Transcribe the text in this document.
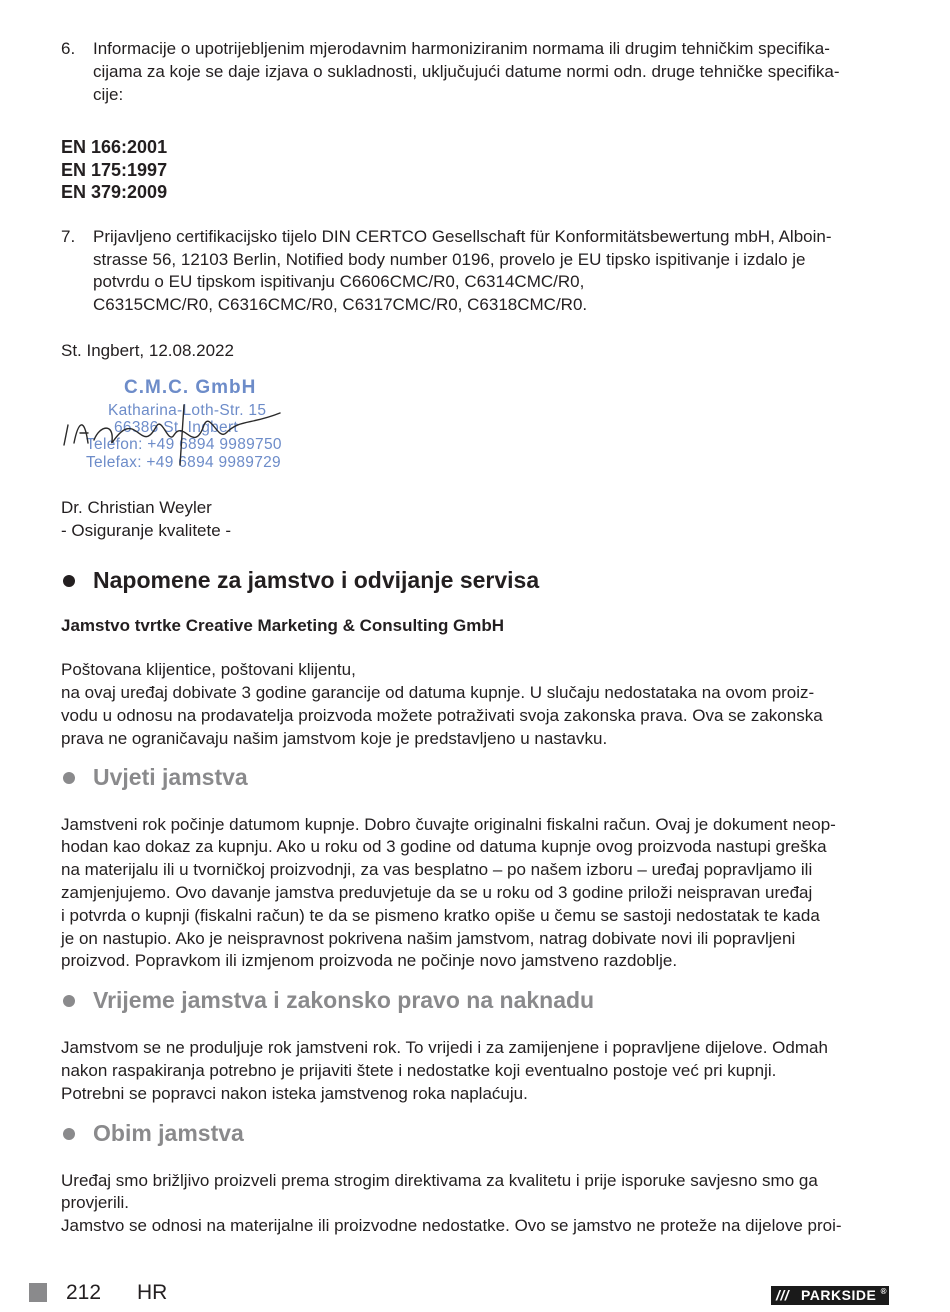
6. Informacije o upotrijebljenim mjerodavnim harmoniziranim normama ili drugim tehničkim specifika-
cijama za koje se daje izjava o sukladnosti, uključujući datume normi odn. druge tehničke specifika-
cije:
EN 166:2001
EN 175:1997
EN 379:2009
7. Prijavljeno certifikacijsko tijelo DIN CERTCO Gesellschaft für Konformitätsbewertung mbH, Alboin-
strasse 56, 12103 Berlin, Notified body number 0196, provelo je EU tipsko ispitivanje i izdalo je
potvrdu o EU tipskom ispitivanju C6606CMC/R0, C6314CMC/R0,
C6315CMC/R0, C6316CMC/R0, C6317CMC/R0, C6318CMC/R0.
St. Ingbert, 12.08.2022
C.M.C. GmbH
Katharina-Loth-Str. 15
66386 St. Ingbert
Telefon: +49 6894 9989750
Telefax: +49 6894 9989729
Dr. Christian Weyler
- Osiguranje kvalitete -
Napomene za jamstvo i odvijanje servisa
Jamstvo tvrtke Creative Marketing & Consulting GmbH
Poštovana klijentice, poštovani klijentu,
na ovaj uređaj dobivate 3 godine garancije od datuma kupnje. U slučaju nedostataka na ovom proiz-
vodu u odnosu na prodavatelja proizvoda možete potraživati svoja zakonska prava. Ova se zakonska
prava ne ograničavaju našim jamstvom koje je predstavljeno u nastavku.
Uvjeti jamstva
Jamstveni rok počinje datumom kupnje. Dobro čuvajte originalni fiskalni račun. Ovaj je dokument neop-
hodan kao dokaz za kupnju. Ako u roku od 3 godine od datuma kupnje ovog proizvoda nastupi greška
na materijalu ili u tvorničkoj proizvodnji, za vas besplatno – po našem izboru – uređaj popravljamo ili
zamjenjujemo. Ovo davanje jamstva preduvjetuje da se u roku od 3 godine priloži neispravan uređaj
i potvrda o kupnji (fiskalni račun) te da se pismeno kratko opiše u čemu se sastoji nedostatak te kada
je on nastupio. Ako je neispravnost pokrivena našim jamstvom, natrag dobivate novi ili popravljeni
proizvod. Popravkom ili izmjenom proizvoda ne počinje novo jamstveno razdoblje.
Vrijeme jamstva i zakonsko pravo na naknadu
Jamstvom se ne produljuje rok jamstveni rok. To vrijedi i za zamijenjene i popravljene dijelove. Odmah
nakon raspakiranja potrebno je prijaviti štete i nedostatke koji eventualno postoje već pri kupnji.
Potrebni se popravci nakon isteka jamstvenog roka naplaćuju.
Obim jamstva
Uređaj smo brižljivo proizveli prema strogim direktivama za kvalitetu i prije isporuke savjesno smo ga
provjerili.
Jamstvo se odnosi na materijalne ili proizvodne nedostatke. Ovo se jamstvo ne proteže na dijelove proi-
212 HR	/// PARKSIDE ®
